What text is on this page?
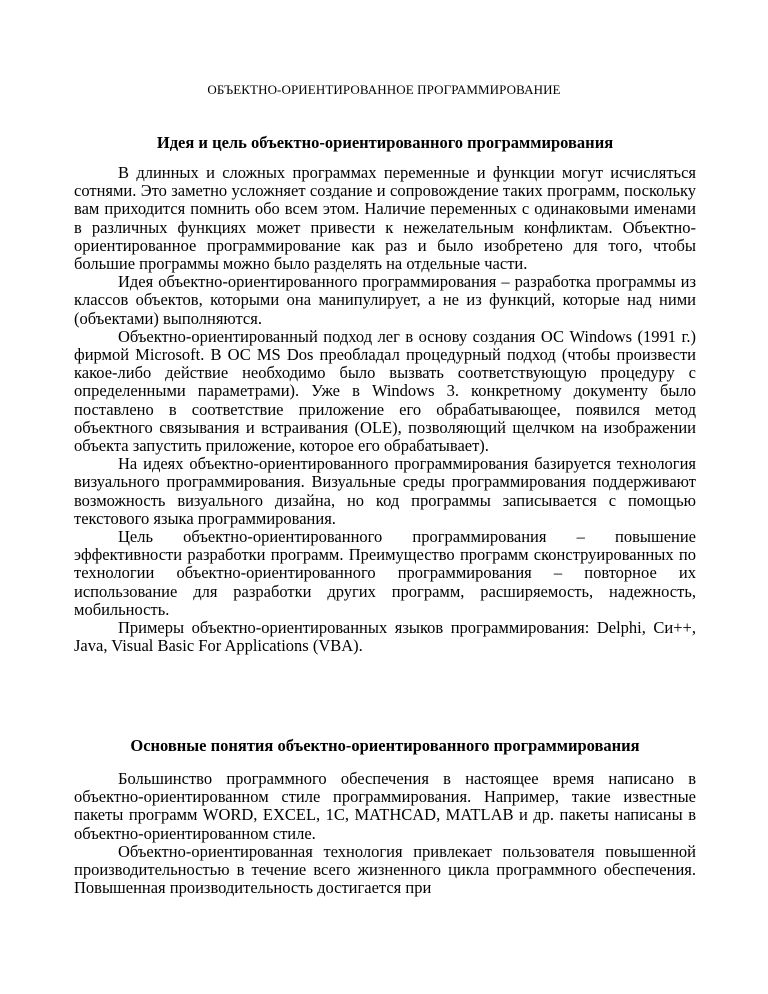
ОБЪЕКТНО-ОРИЕНТИРОВАННОЕ ПРОГРАММИРОВАНИЕ
Идея и цель объектно-ориентированного программирования

В длинных и сложных программах переменные и функции могут исчисляться сотнями. Это заметно усложняет создание и сопровождение таких программ, поскольку вам приходится помнить обо всем этом. Наличие переменных с одинаковыми именами в различных функциях может привести к нежелательным конфликтам. Объектно-ориентированное программирование как раз и было изобретено для того, чтобы большие программы можно было разделять на отдельные части.

Идея объектно-ориентированного программирования – разработка программы из классов объектов, которыми она манипулирует, а не из функций, которые над ними (объектами) выполняются.

Объектно-ориентированный подход лег в основу создания ОС Windows (1991 г.) фирмой Microsoft. В ОС MS Dos преобладал процедурный подход (чтобы произвести какое-либо действие необходимо было вызвать соответствующую процедуру с определенными параметрами). Уже в Windows 3. конкретному документу было поставлено в соответствие приложение его обрабатывающее, появился метод объектного связывания и встраивания (OLE), позволяющий щелчком на изображении объекта запустить приложение, которое его обрабатывает).

На идеях объектно-ориентированного программирования базируется технология визуального программирования. Визуальные среды программирования поддерживают возможность визуального дизайна, но код программы записывается с помощью текстового языка программирования.

Цель объектно-ориентированного программирования – повышение эффективности разработки программ. Преимущество программ сконструированных по технологии объектно-ориентированного программирования – повторное их использование для разработки других программ, расширяемость, надежность, мобильность.

Примеры объектно-ориентированных языков программирования: Delphi, Си++, Java, Visual Basic For Applications (VBA).

Основные понятия объектно-ориентированного программирования

Большинство программного обеспечения в настоящее время написано в объектно-ориентированном стиле программирования. Например, такие известные пакеты программ WORD, EXCEL, 1С, MATHCAD, MATLAB и др. пакеты написаны в объектно-ориентированном стиле.

Объектно-ориентированная технология привлекает пользователя повышенной производительностью в течение всего жизненного цикла программного обеспечения. Повышенная производительность достигается при
